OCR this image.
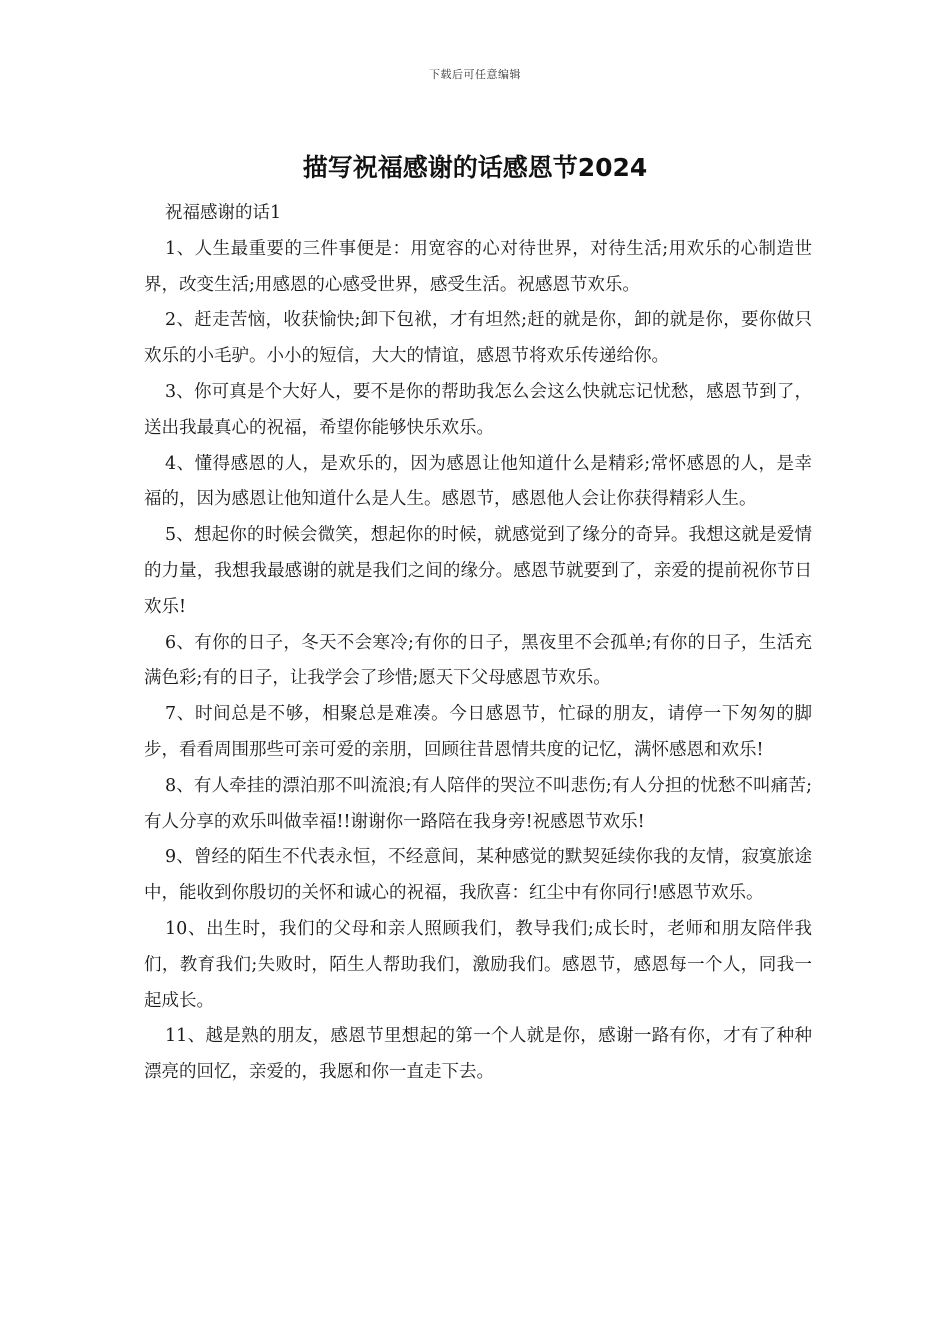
下载后可任意编辑
描写祝福感谢的话感恩节2024

祝福感谢的话1

1、人生最重要的三件事便是：用宽容的心对待世界，对待生活;用欢乐的心制造世界，改变生活;用感恩的心感受世界，感受生活。祝感恩节欢乐。

2、赶走苦恼，收获愉快;卸下包袱，才有坦然;赶的就是你，卸的就是你，要你做只欢乐的小毛驴。小小的短信，大大的情谊，感恩节将欢乐传递给你。

3、你可真是个大好人，要不是你的帮助我怎么会这么快就忘记忧愁，感恩节到了，送出我最真心的祝福，希望你能够快乐欢乐。

4、懂得感恩的人，是欢乐的，因为感恩让他知道什么是精彩;常怀感恩的人，是幸福的，因为感恩让他知道什么是人生。感恩节，感恩他人会让你获得精彩人生。

5、想起你的时候会微笑，想起你的时候，就感觉到了缘分的奇异。我想这就是爱情的力量，我想我最感谢的就是我们之间的缘分。感恩节就要到了，亲爱的提前祝你节日欢乐!

6、有你的日子，冬天不会寒冷;有你的日子，黑夜里不会孤单;有你的日子，生活充满色彩;有的日子，让我学会了珍惜;愿天下父母感恩节欢乐。

7、时间总是不够，相聚总是难凑。今日感恩节，忙碌的朋友，请停一下匆匆的脚步，看看周围那些可亲可爱的亲朋，回顾往昔恩情共度的记忆，满怀感恩和欢乐!

8、有人牵挂的漂泊那不叫流浪;有人陪伴的哭泣不叫悲伤;有人分担的忧愁不叫痛苦;有人分享的欢乐叫做幸福!!谢谢你一路陪在我身旁!祝感恩节欢乐!

9、曾经的陌生不代表永恒，不经意间，某种感觉的默契延续你我的友情，寂寞旅途中，能收到你殷切的关怀和诚心的祝福，我欣喜：红尘中有你同行!感恩节欢乐。

10、出生时，我们的父母和亲人照顾我们，教导我们;成长时，老师和朋友陪伴我们，教育我们;失败时，陌生人帮助我们，激励我们。感恩节，感恩每一个人，同我一起成长。

11、越是熟的朋友，感恩节里想起的第一个人就是你，感谢一路有你，才有了种种漂亮的回忆，亲爱的，我愿和你一直走下去。
